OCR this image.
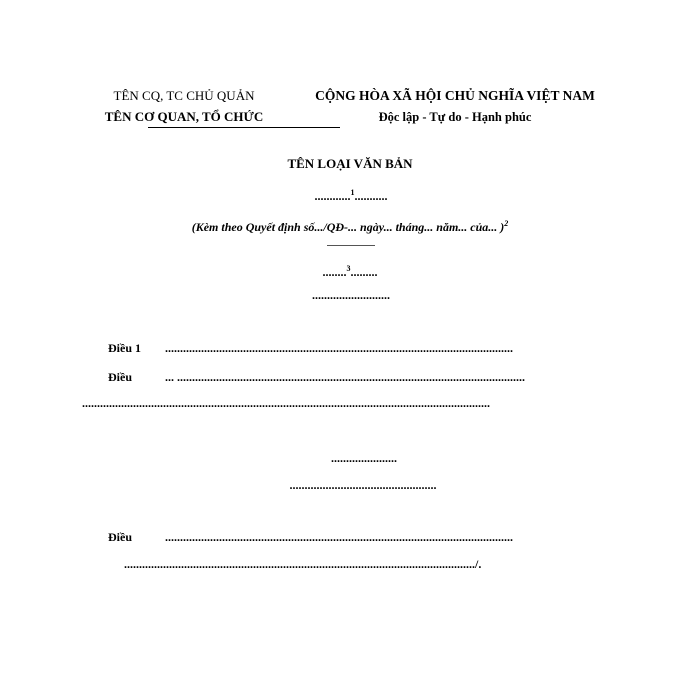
TÊN CQ, TC CHỦ QUẢN
TÊN CƠ QUAN, TỔ CHỨC
CỘNG HÒA XÃ HỘI CHỦ NGHĨA VIỆT NAM
Độc lập - Tự do - Hạnh phúc
TÊN LOẠI VĂN BẢN
............$^1$...........
(Kèm theo Quyết định số.../QĐ-... ngày... tháng... năm... của... )$^2$
........$^3$.........
..........................
Điều 1 ....................................................................................................................
Điều	... ....................................................................................................................
........................................................................................................................................
......................
.................................................
Điều	....................................................................................................................
...................................................................................................................../.
